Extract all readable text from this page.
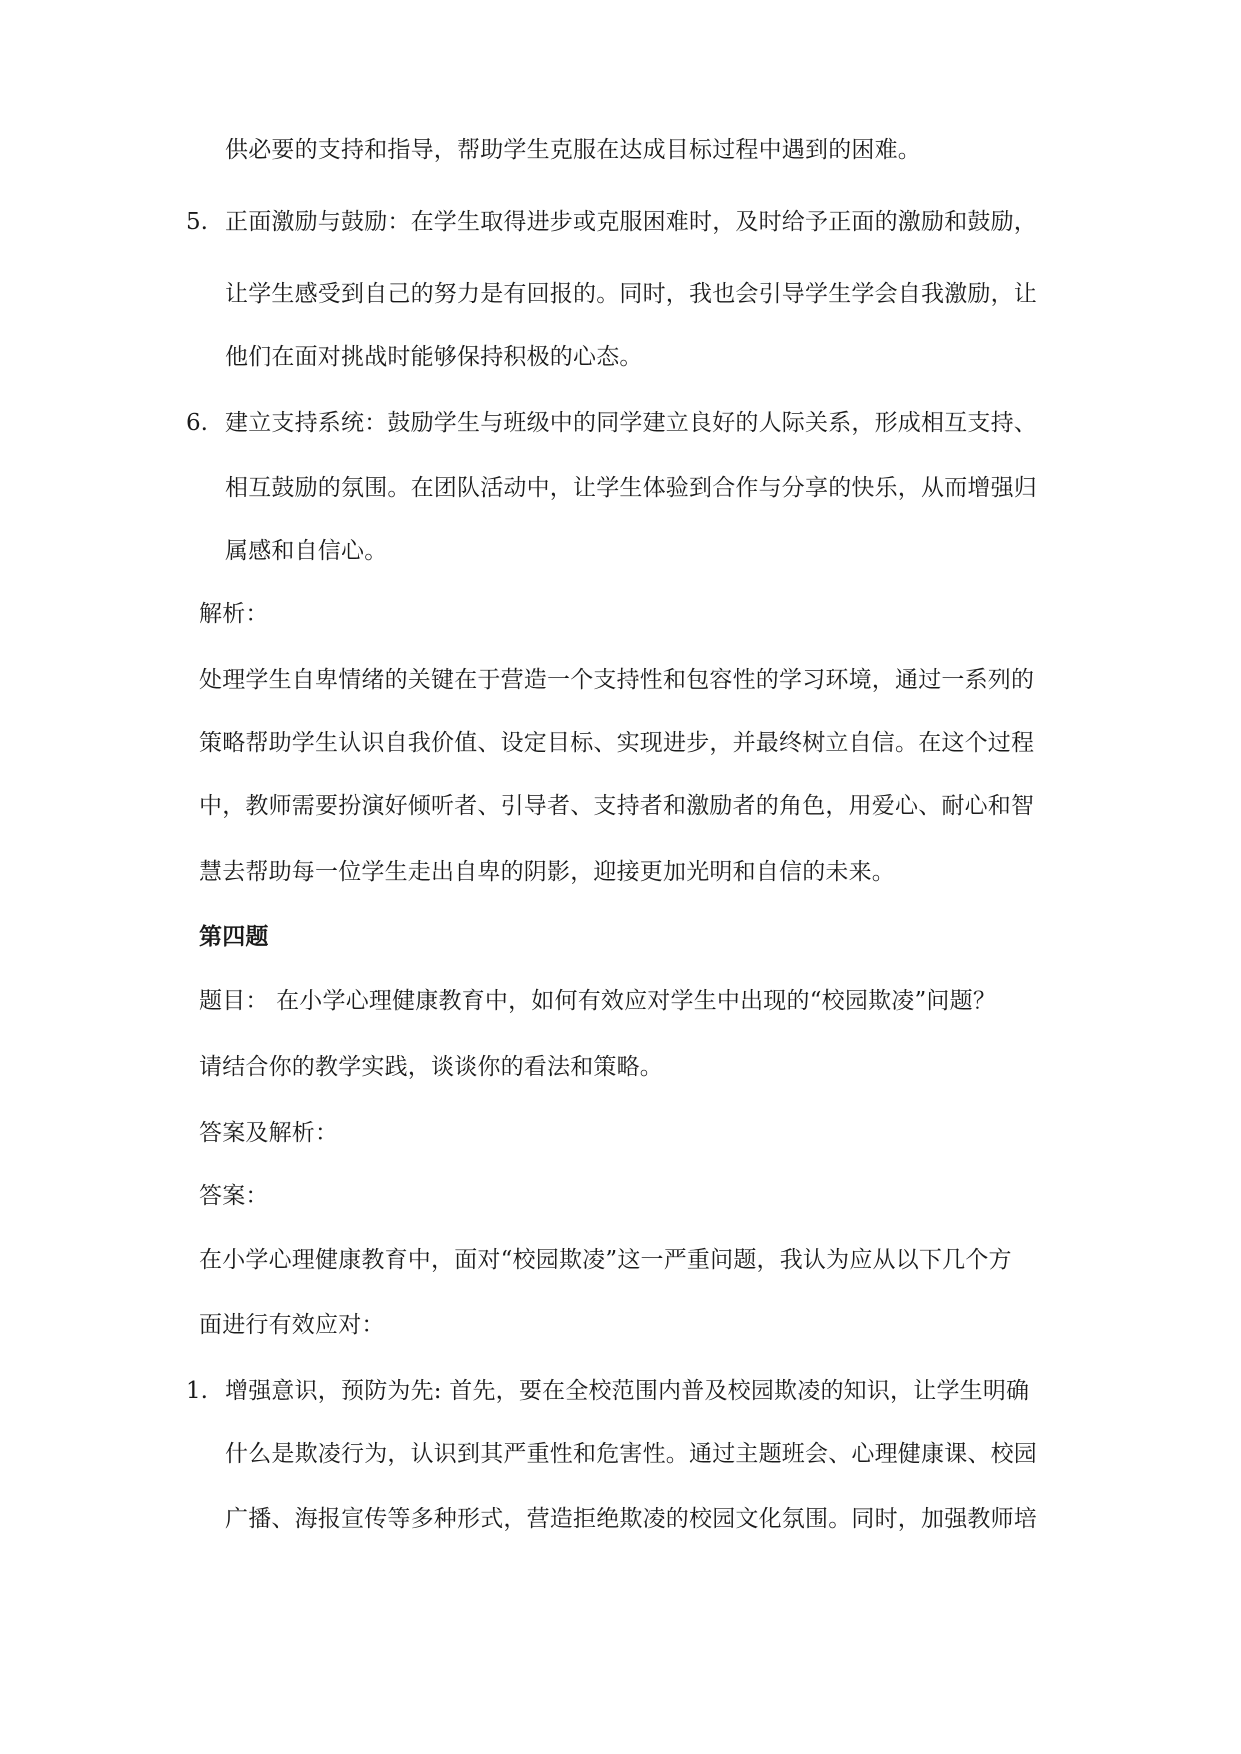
供必要的支持和指导，帮助学生克服在达成目标过程中遇到的困难。
5. 正面激励与鼓励：在学生取得进步或克服困难时，及时给予正面的激励和鼓励，
让学生感受到自己的努力是有回报的。同时，我也会引导学生学会自我激励，让
他们在面对挑战时能够保持积极的心态。
6. 建立支持系统：鼓励学生与班级中的同学建立良好的人际关系，形成相互支持、
相互鼓励的氛围。在团队活动中，让学生体验到合作与分享的快乐，从而增强归
属感和自信心。
解析：
处理学生自卑情绪的关键在于营造一个支持性和包容性的学习环境，通过一系列的
策略帮助学生认识自我价值、设定目标、实现进步，并最终树立自信。在这个过程
中，教师需要扮演好倾听者、引导者、支持者和激励者的角色，用爱心、耐心和智
慧去帮助每一位学生走出自卑的阴影，迎接更加光明和自信的未来。
第四题
题目： 在小学心理健康教育中，如何有效应对学生中出现的“校园欺凌”问题？
请结合你的教学实践，谈谈你的看法和策略。
答案及解析：
答案：
在小学心理健康教育中，面对“校园欺凌”这一严重问题，我认为应从以下几个方
面进行有效应对：
1. 增强意识，预防为先: 首先，要在全校范围内普及校园欺凌的知识，让学生明确
什么是欺凌行为，认识到其严重性和危害性。通过主题班会、心理健康课、校园
广播、海报宣传等多种形式，营造拒绝欺凌的校园文化氛围。同时，加强教师培
